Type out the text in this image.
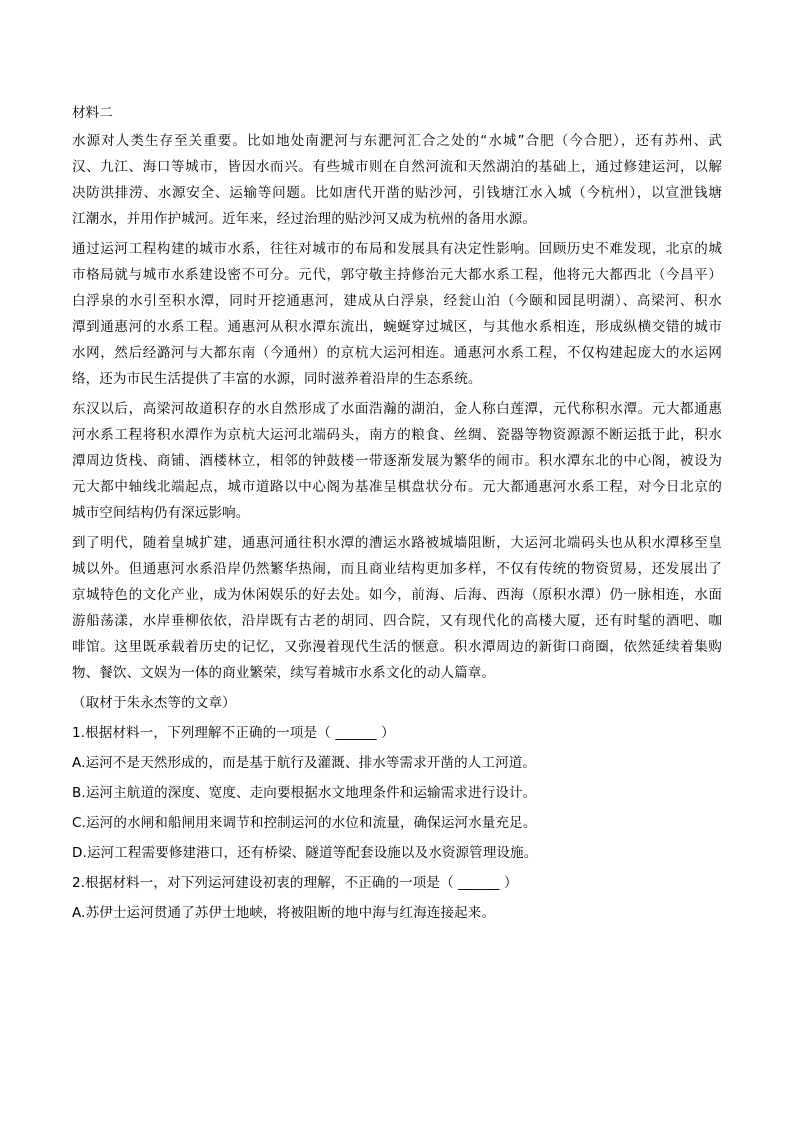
材料二
水源对人类生存至关重要。比如地处南淝河与东淝河汇合之处的“水城”合肥（今合肥），还有苏州、武
汉、九江、海口等城市，皆因水而兴。有些城市则在自然河流和天然湖泊的基础上，通过修建运河，以解
决防洪排涝、水源安全、运输等问题。比如唐代开凿的贴沙河，引钱塘江水入城（今杭州），以宣泄钱塘
江潮水，并用作护城河。近年来，经过治理的贴沙河又成为杭州的备用水源。
通过运河工程构建的城市水系，往往对城市的布局和发展具有决定性影响。回顾历史不难发现，北京的城
市格局就与城市水系建设密不可分。元代，郭守敬主持修治元大都水系工程，他将元大都西北（今昌平）
白浮泉的水引至积水潭，同时开挖通惠河，建成从白浮泉，经瓮山泊（今颐和园昆明湖）、高梁河、积水
潭到通惠河的水系工程。通惠河从积水潭东流出，蜿蜒穿过城区，与其他水系相连，形成纵横交错的城市
水网，然后经潞河与大都东南（今通州）的京杭大运河相连。通惠河水系工程，不仅构建起庞大的水运网
络，还为市民生活提供了丰富的水源，同时滋养着沿岸的生态系统。
东汉以后，高梁河故道积存的水自然形成了水面浩瀚的湖泊，金人称白莲潭，元代称积水潭。元大都通惠
河水系工程将积水潭作为京杭大运河北端码头，南方的粮食、丝绸、瓷器等物资源源不断运抵于此，积水
潭周边货栈、商铺、酒楼林立，相邻的钟鼓楼一带逐渐发展为繁华的闹市。积水潭东北的中心阁，被设为
元大都中轴线北端起点，城市道路以中心阁为基准呈棋盘状分布。元大都通惠河水系工程，对今日北京的
城市空间结构仍有深远影响。
到了明代，随着皇城扩建，通惠河通往积水潭的漕运水路被城墙阻断，大运河北端码头也从积水潭移至皇
城以外。但通惠河水系沿岸仍然繁华热闹，而且商业结构更加多样，不仅有传统的物资贸易，还发展出了
京城特色的文化产业，成为休闲娱乐的好去处。如今，前海、后海、西海（原积水潭）仍一脉相连，水面
游船荡漾，水岸垂柳依依，沿岸既有古老的胡同、四合院，又有现代化的高楼大厦，还有时髦的酒吧、咖
啡馆。这里既承载着历史的记忆，又弥漫着现代生活的惬意。积水潭周边的新街口商圈，依然延续着集购
物、餐饮、文娱为一体的商业繁荣，续写着城市水系文化的动人篇章。
（取材于朱永杰等的文章）
1.根据材料一，下列理解不正确的一项是（ ______ ）
A.运河不是天然形成的，而是基于航行及灌溉、排水等需求开凿的人工河道。
B.运河主航道的深度、宽度、走向要根据水文地理条件和运输需求进行设计。
C.运河的水闸和船闸用来调节和控制运河的水位和流量，确保运河水量充足。
D.运河工程需要修建港口，还有桥梁、隧道等配套设施以及水资源管理设施。
2.根据材料一，对下列运河建设初衷的理解，不正确的一项是（ ______ ）
A.苏伊士运河贯通了苏伊士地峡，将被阻断的地中海与红海连接起来。
